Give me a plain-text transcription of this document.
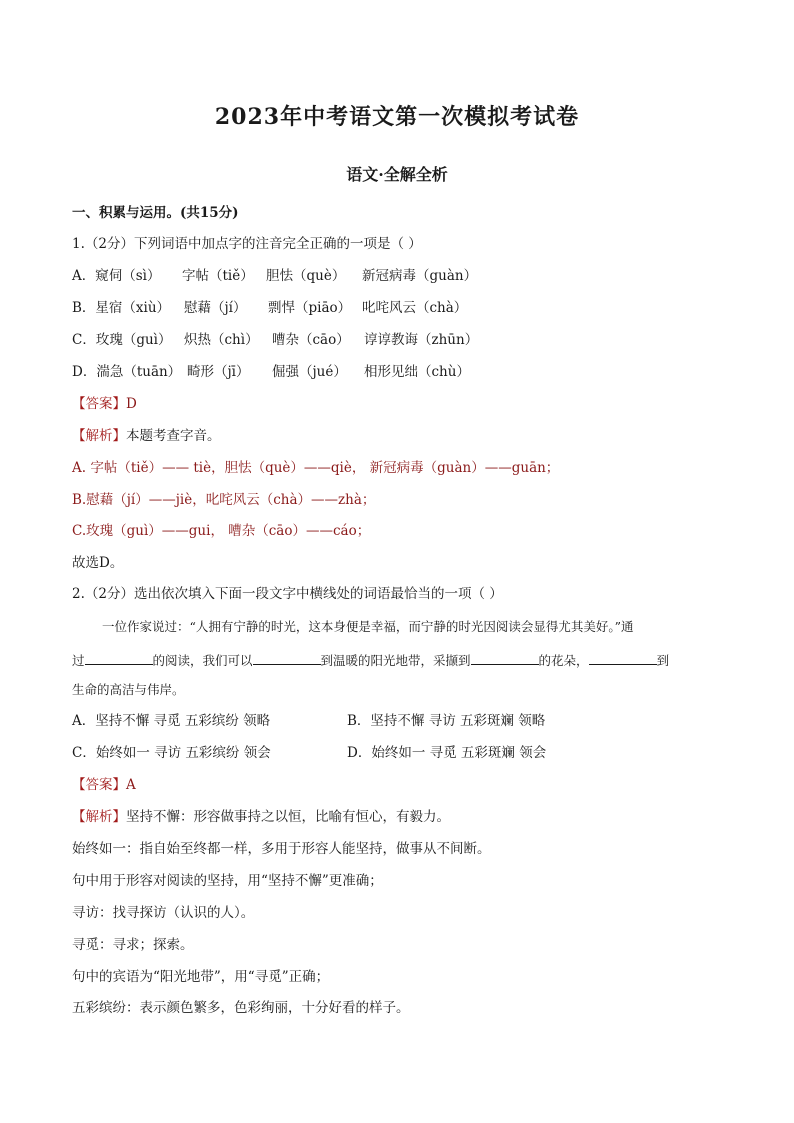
2023年中考语文第一次模拟考试卷
语文·全解全析
一、积累与运用。(共15分)
1.（2分）下列词语中加点字的注音完全正确的一项是（ ）
A．窥伺（sì） 字帖（tiě） 胆怯（què） 新冠病毒（guàn）
B．星宿（xiù） 慰藉（jí） 剽悍（piāo） 叱咤风云（chà）
C．玫瑰（guì） 炽热（chì） 嘈杂（cāo） 谆谆教诲（zhūn）
D．湍急（tuān） 畸形（jī） 倔强（jué） 相形见绌（chù）
【答案】D
【解析】本题考查字音。
A. 字帖（tiě）—— tiè，胆怯（què）——qiè， 新冠病毒（guàn）——guān；
B.慰藉（jí）——jiè，叱咤风云（chà）——zhà；
C.玫瑰（guì）——gui， 嘈杂（cāo）——cáo；
故选D。
2.（2分）选出依次填入下面一段文字中横线处的词语最恰当的一项（ ）
一位作家说过：“人拥有宁静的时光，这本身便是幸福，而宁静的时光因阅读会显得尤其美好。”通
过	的阅读，我们可以	到温暖的阳光地带，采撷到	的花朵，	到
生命的高洁与伟岸。
A．坚持不懈 寻觅 五彩缤纷 领略	B．坚持不懈 寻访 五彩斑斓 领略
C．始终如一 寻访 五彩缤纷 领会	D．始终如一 寻觅 五彩斑斓 领会
【答案】A
【解析】坚持不懈：形容做事持之以恒，比喻有恒心，有毅力。
始终如一：指自始至终都一样，多用于形容人能坚持，做事从不间断。
句中用于形容对阅读的坚持，用“坚持不懈”更准确；
寻访：找寻探访（认识的人）。
寻觅：寻求；探索。
句中的宾语为“阳光地带”，用“寻觅”正确；
五彩缤纷：表示颜色繁多，色彩绚丽，十分好看的样子。
